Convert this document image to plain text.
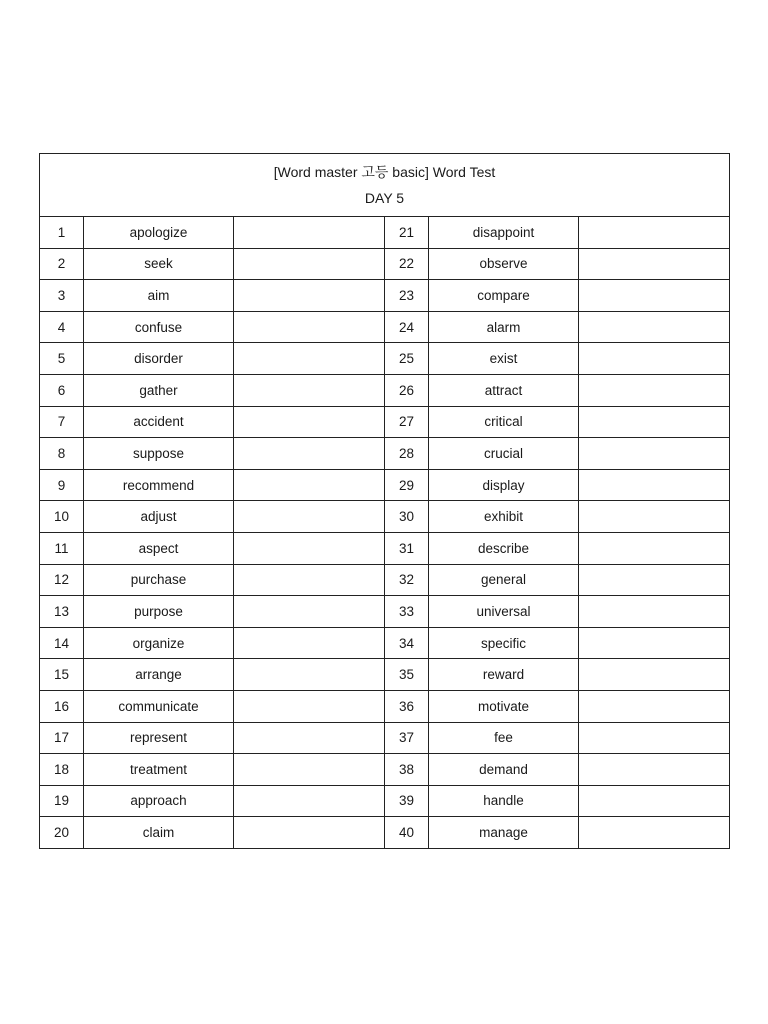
[Word master 고등 basic] Word Test
DAY 5					

1	apologize		21	disappoint	
2	seek		22	observe	
3	aim		23	compare	
4	confuse		24	alarm	
5	disorder		25	exist	
6	gather		26	attract	
7	accident		27	critical	
8	suppose		28	crucial	
9	recommend		29	display	
10	adjust		30	exhibit	
11	aspect		31	describe	
12	purchase		32	general	
13	purpose		33	universal	
14	organize		34	specific	
15	arrange		35	reward	
16	communicate		36	motivate	
17	represent		37	fee	
18	treatment		38	demand	
19	approach		39	handle	
20	claim		40	manage	
